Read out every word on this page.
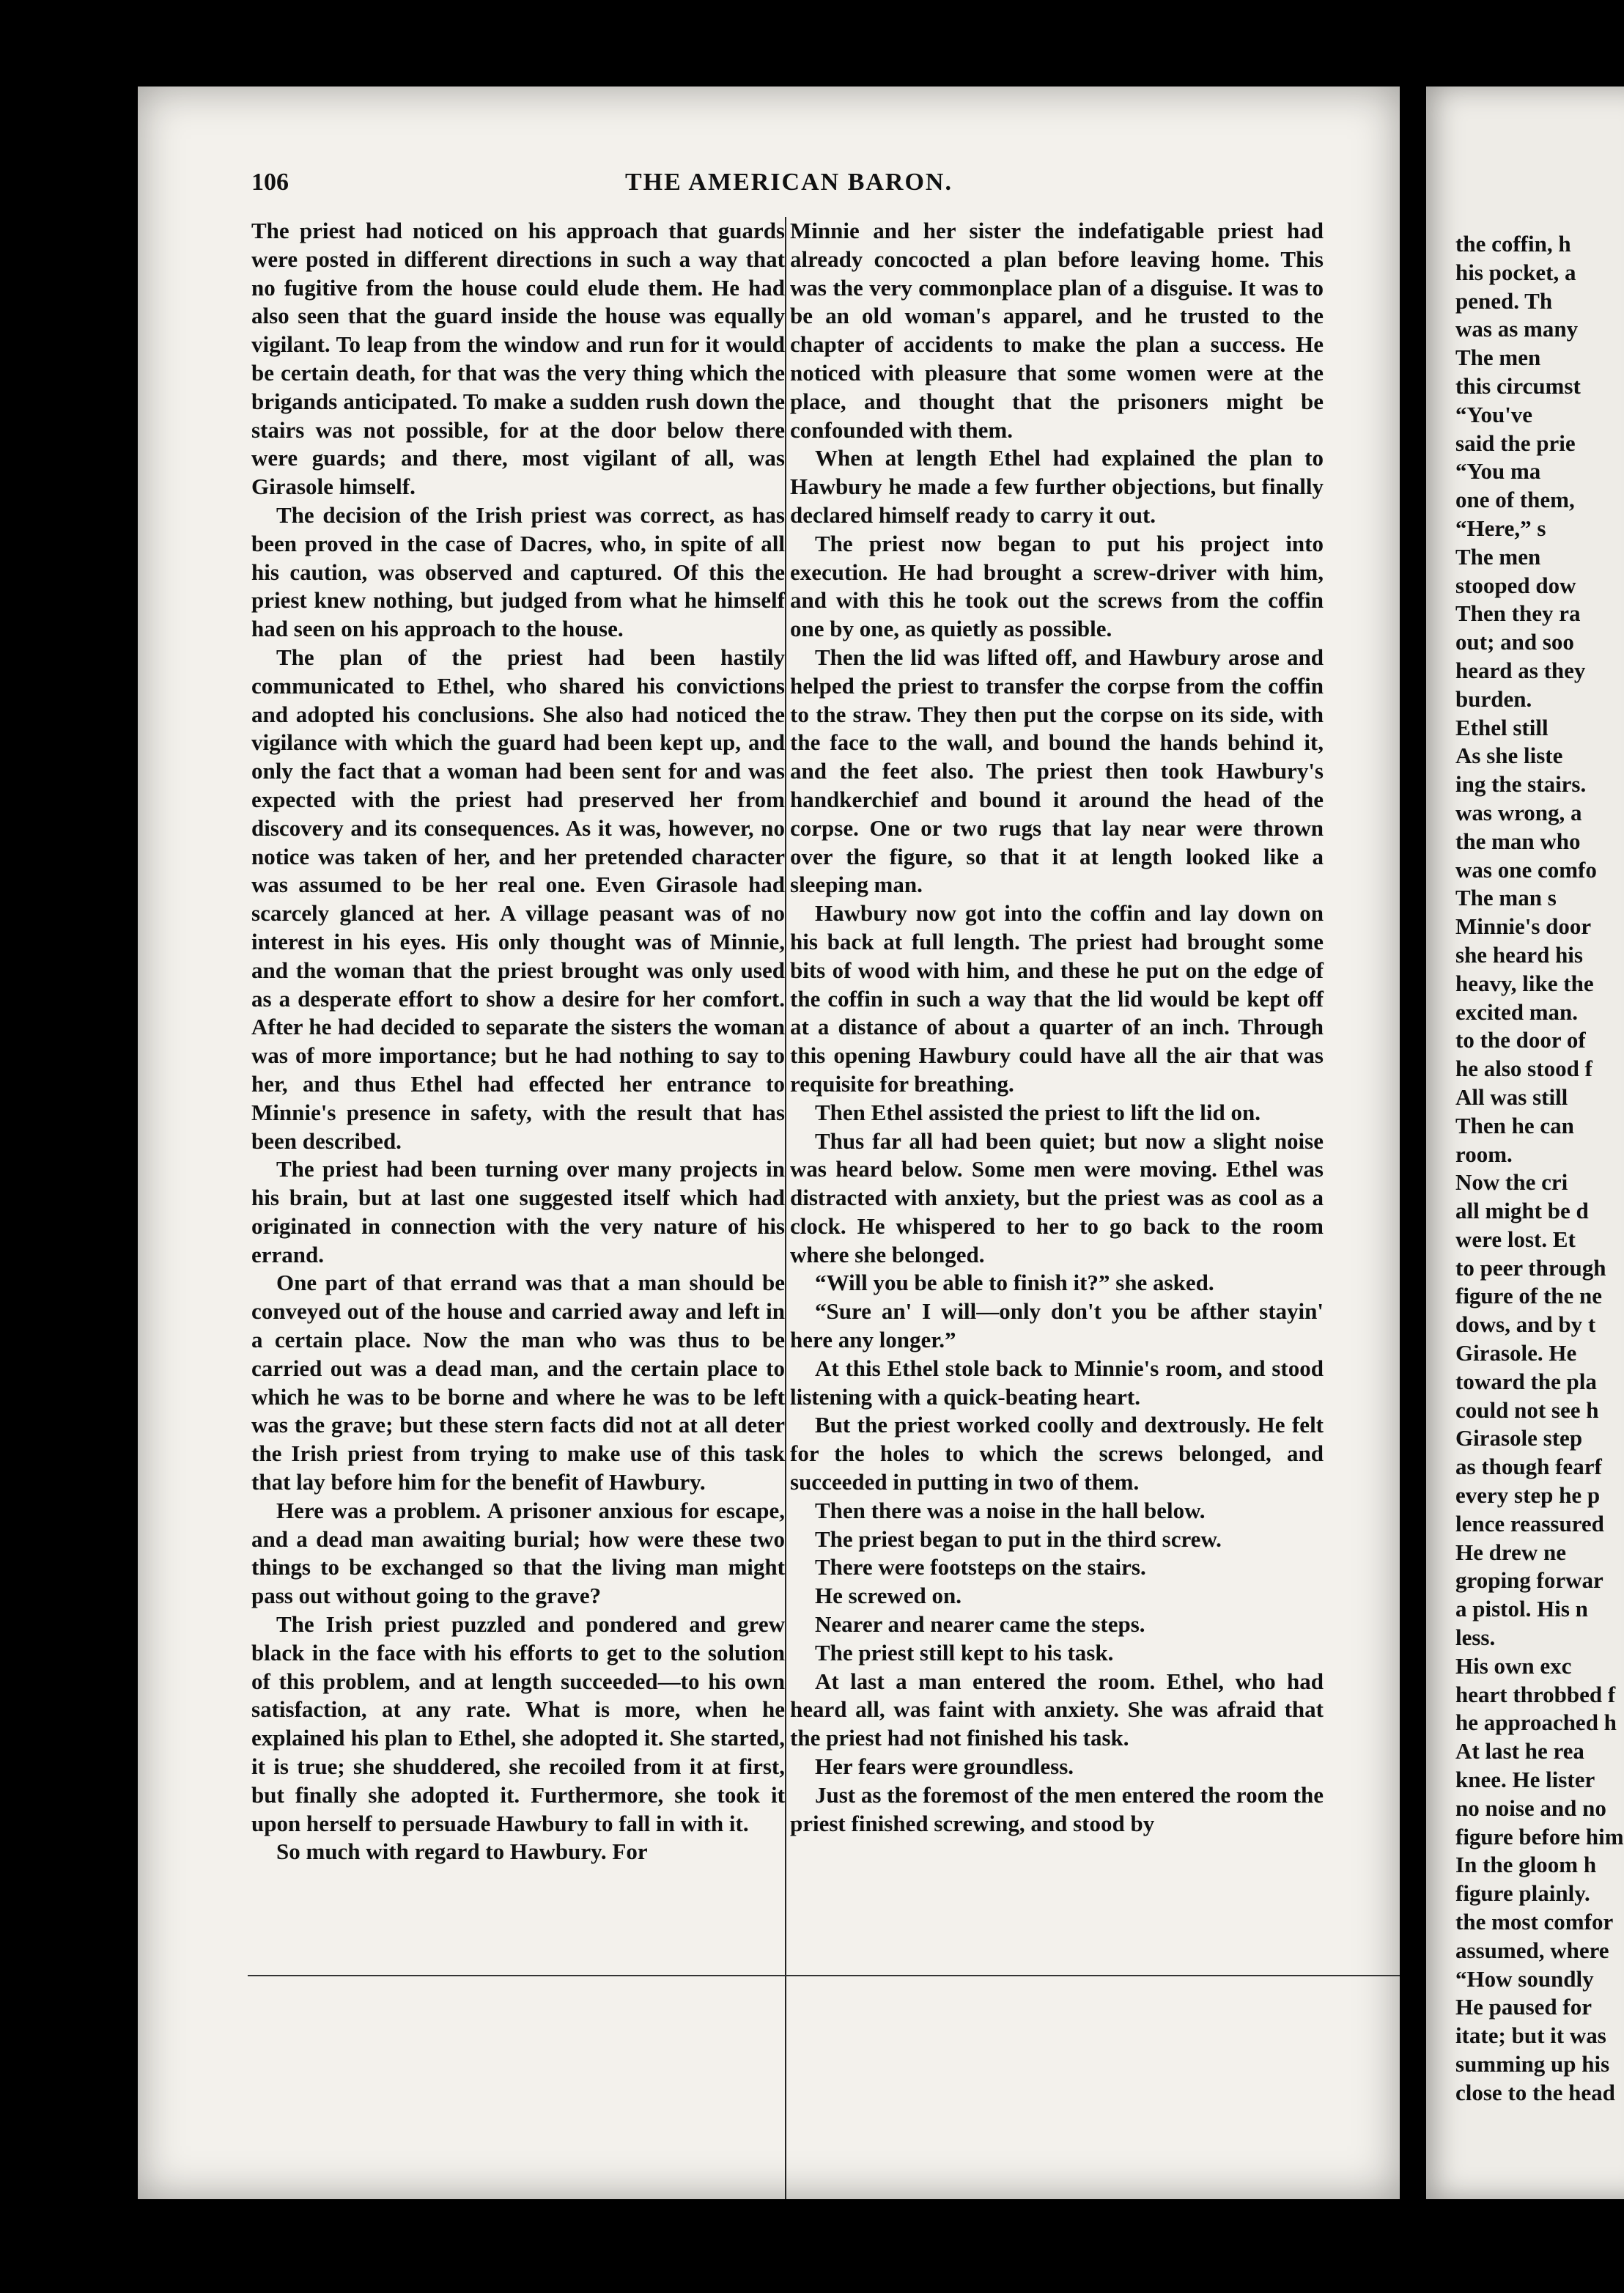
106	THE AMERICAN BARON.

The priest had noticed on his approach that guards were posted in different directions in such a way that no fugitive from the house could elude them. He had also seen that the guard inside the house was equally vigilant. To leap from the window and run for it would be certain death, for that was the very thing which the brigands anticipated. To make a sudden rush down the stairs was not possible, for at the door below there were guards; and there, most vigilant of all, was Girasole himself.

The decision of the Irish priest was correct, as has been proved in the case of Dacres, who, in spite of all his caution, was observed and captured. Of this the priest knew nothing, but judged from what he himself had seen on his approach to the house.

The plan of the priest had been hastily communicated to Ethel, who shared his convictions and adopted his conclusions. She also had noticed the vigilance with which the guard had been kept up, and only the fact that a woman had been sent for and was expected with the priest had preserved her from discovery and its consequences. As it was, however, no notice was taken of her, and her pretended character was assumed to be her real one. Even Girasole had scarcely glanced at her. A village peasant was of no interest in his eyes. His only thought was of Minnie, and the woman that the priest brought was only used as a desperate effort to show a desire for her comfort. After he had decided to separate the sisters the woman was of more importance; but he had nothing to say to her, and thus Ethel had effected her entrance to Minnie's presence in safety, with the result that has been described.

The priest had been turning over many projects in his brain, but at last one suggested itself which had originated in connection with the very nature of his errand.

One part of that errand was that a man should be conveyed out of the house and carried away and left in a certain place. Now the man who was thus to be carried out was a dead man, and the certain place to which he was to be borne and where he was to be left was the grave; but these stern facts did not at all deter the Irish priest from trying to make use of this task that lay before him for the benefit of Hawbury.

Here was a problem. A prisoner anxious for escape, and a dead man awaiting burial; how were these two things to be exchanged so that the living man might pass out without going to the grave?

The Irish priest puzzled and pondered and grew black in the face with his efforts to get to the solution of this problem, and at length succeeded—to his own satisfaction, at any rate. What is more, when he explained his plan to Ethel, she adopted it. She started, it is true; she shuddered, she recoiled from it at first, but finally she adopted it. Furthermore, she took it upon herself to persuade Hawbury to fall in with it.

So much with regard to Hawbury. For

Minnie and her sister the indefatigable priest had already concocted a plan before leaving home. This was the very commonplace plan of a disguise. It was to be an old woman's apparel, and he trusted to the chapter of accidents to make the plan a success. He noticed with pleasure that some women were at the place, and thought that the prisoners might be confounded with them.

When at length Ethel had explained the plan to Hawbury he made a few further objections, but finally declared himself ready to carry it out.

The priest now began to put his project into execution. He had brought a screw-driver with him, and with this he took out the screws from the coffin one by one, as quietly as possible.

Then the lid was lifted off, and Hawbury arose and helped the priest to transfer the corpse from the coffin to the straw. They then put the corpse on its side, with the face to the wall, and bound the hands behind it, and the feet also. The priest then took Hawbury's handkerchief and bound it around the head of the corpse. One or two rugs that lay near were thrown over the figure, so that it at length looked like a sleeping man.

Hawbury now got into the coffin and lay down on his back at full length. The priest had brought some bits of wood with him, and these he put on the edge of the coffin in such a way that the lid would be kept off at a distance of about a quarter of an inch. Through this opening Hawbury could have all the air that was requisite for breathing.

Then Ethel assisted the priest to lift the lid on.

Thus far all had been quiet; but now a slight noise was heard below. Some men were moving. Ethel was distracted with anxiety, but the priest was as cool as a clock. He whispered to her to go back to the room where she belonged.

“Will you be able to finish it?” she asked.

“Sure an' I will—only don't you be afther stayin' here any longer.”

At this Ethel stole back to Minnie's room, and stood listening with a quick-beating heart.

But the priest worked coolly and dextrously. He felt for the holes to which the screws belonged, and succeeded in putting in two of them.

Then there was a noise in the hall below.

The priest began to put in the third screw.

There were footsteps on the stairs.

He screwed on.

Nearer and nearer came the steps.

The priest still kept to his task.

At last a man entered the room. Ethel, who had heard all, was faint with anxiety. She was afraid that the priest had not finished his task.

Her fears were groundless.

Just as the foremost of the men entered the room the priest finished screwing, and stood by

the coffin, h
his pocket, a
pened. Th
was as many
The men
this circumst
“You've
said the prie
“You ma
one of them,
“Here,” s
The men
stooped dow
Then they ra
out; and soo
heard as they
burden.
Ethel still
As she liste
ing the stairs.
was wrong, a
the man who
was one comfo
The man s
Minnie's door
she heard his
heavy, like the
excited man.
to the door of
he also stood f
All was still
Then he can
room.
Now the cri
all might be d
were lost. Et
to peer through
figure of the ne
dows, and by t
Girasole. He
toward the pla
could not see h
Girasole step
as though fearf
every step he p
lence reassured
He drew ne
groping forwar
a pistol. His n
less.
His own exc
heart throbbed f
he approached h
At last he rea
knee. He lister
no noise and no
figure before him
In the gloom h
figure plainly.
the most comfor
assumed, where
“How soundly
He paused for
itate; but it was
summing up his
close to the head
